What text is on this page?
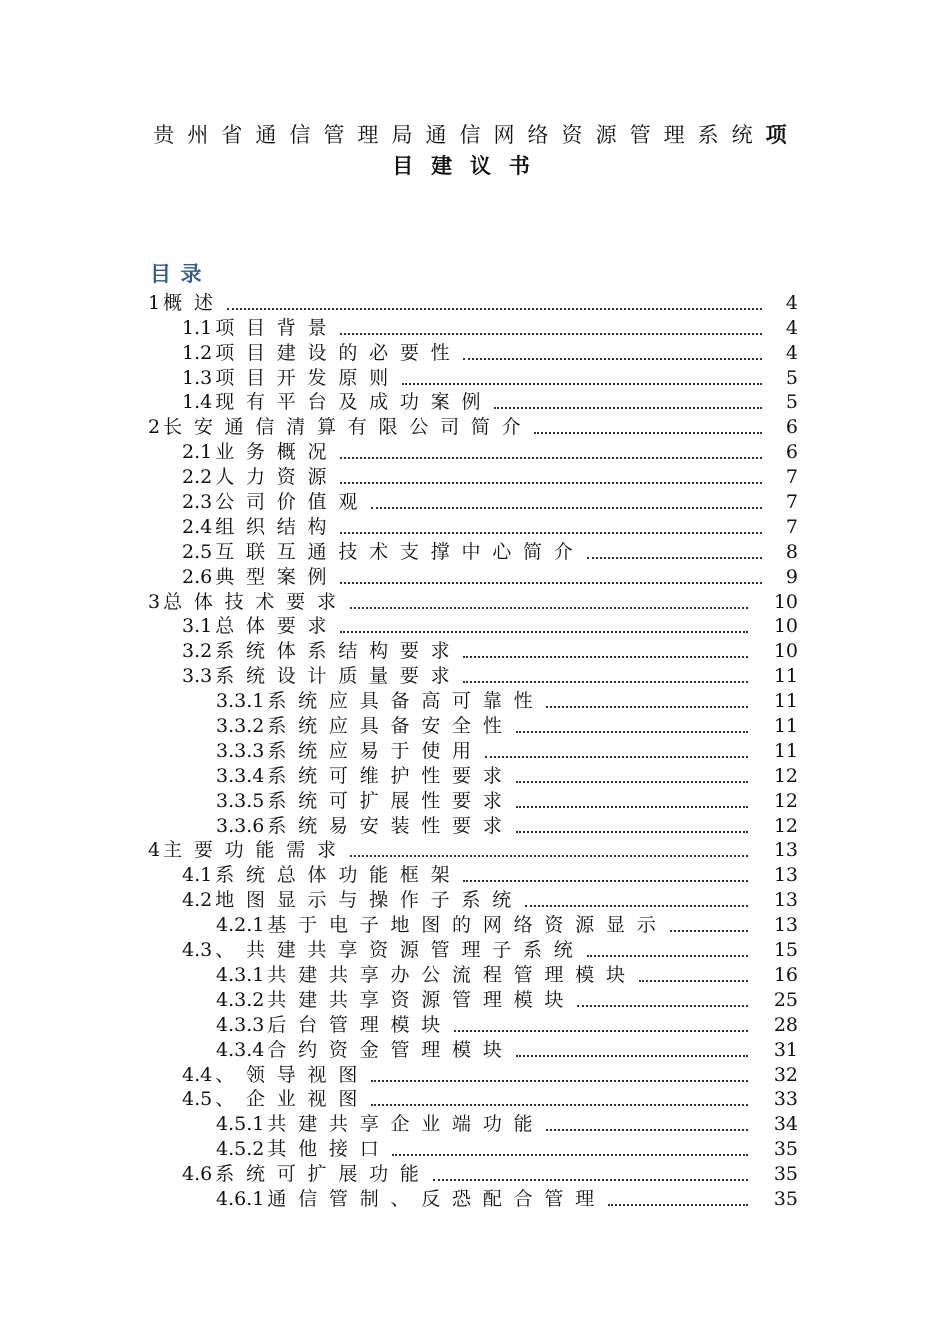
贵州省通信管理局通信网络资源管理系统项
目建议书
目录
1 概述	4
1.1 项目背景	4
1.2 项目建设的必要性	4
1.3 项目开发原则	5
1.4 现有平台及成功案例	5
2 长安通信清算有限公司简介	6
2.1 业务概况	6
2.2 人力资源	7
2.3 公司价值观	7
2.4 组织结构	7
2.5 互联互通技术支撑中心简介	8
2.6 典型案例	9
3 总体技术要求	10
3.1 总体要求	10
3.2 系统体系结构要求	10
3.3 系统设计质量要求	11
3.3.1 系统应具备高可靠性	11
3.3.2 系统应具备安全性	11
3.3.3 系统应易于使用	11
3.3.4 系统可维护性要求	12
3.3.5 系统可扩展性要求	12
3.3.6 系统易安装性要求	12
4 主要功能需求	13
4.1 系统总体功能框架	13
4.2 地图显示与操作子系统	13
4.2.1 基于电子地图的网络资源显示	13
4.3 、共建共享资源管理子系统	15
4.3.1 共建共享办公流程管理模块	16
4.3.2 共建共享资源管理模块	25
4.3.3 后台管理模块	28
4.3.4 合约资金管理模块	31
4.4 、领导视图	32
4.5 、企业视图	33
4.5.1 共建共享企业端功能	34
4.5.2 其他接口	35
4.6 系统可扩展功能	35
4.6.1 通信管制、反恐配合管理	35
